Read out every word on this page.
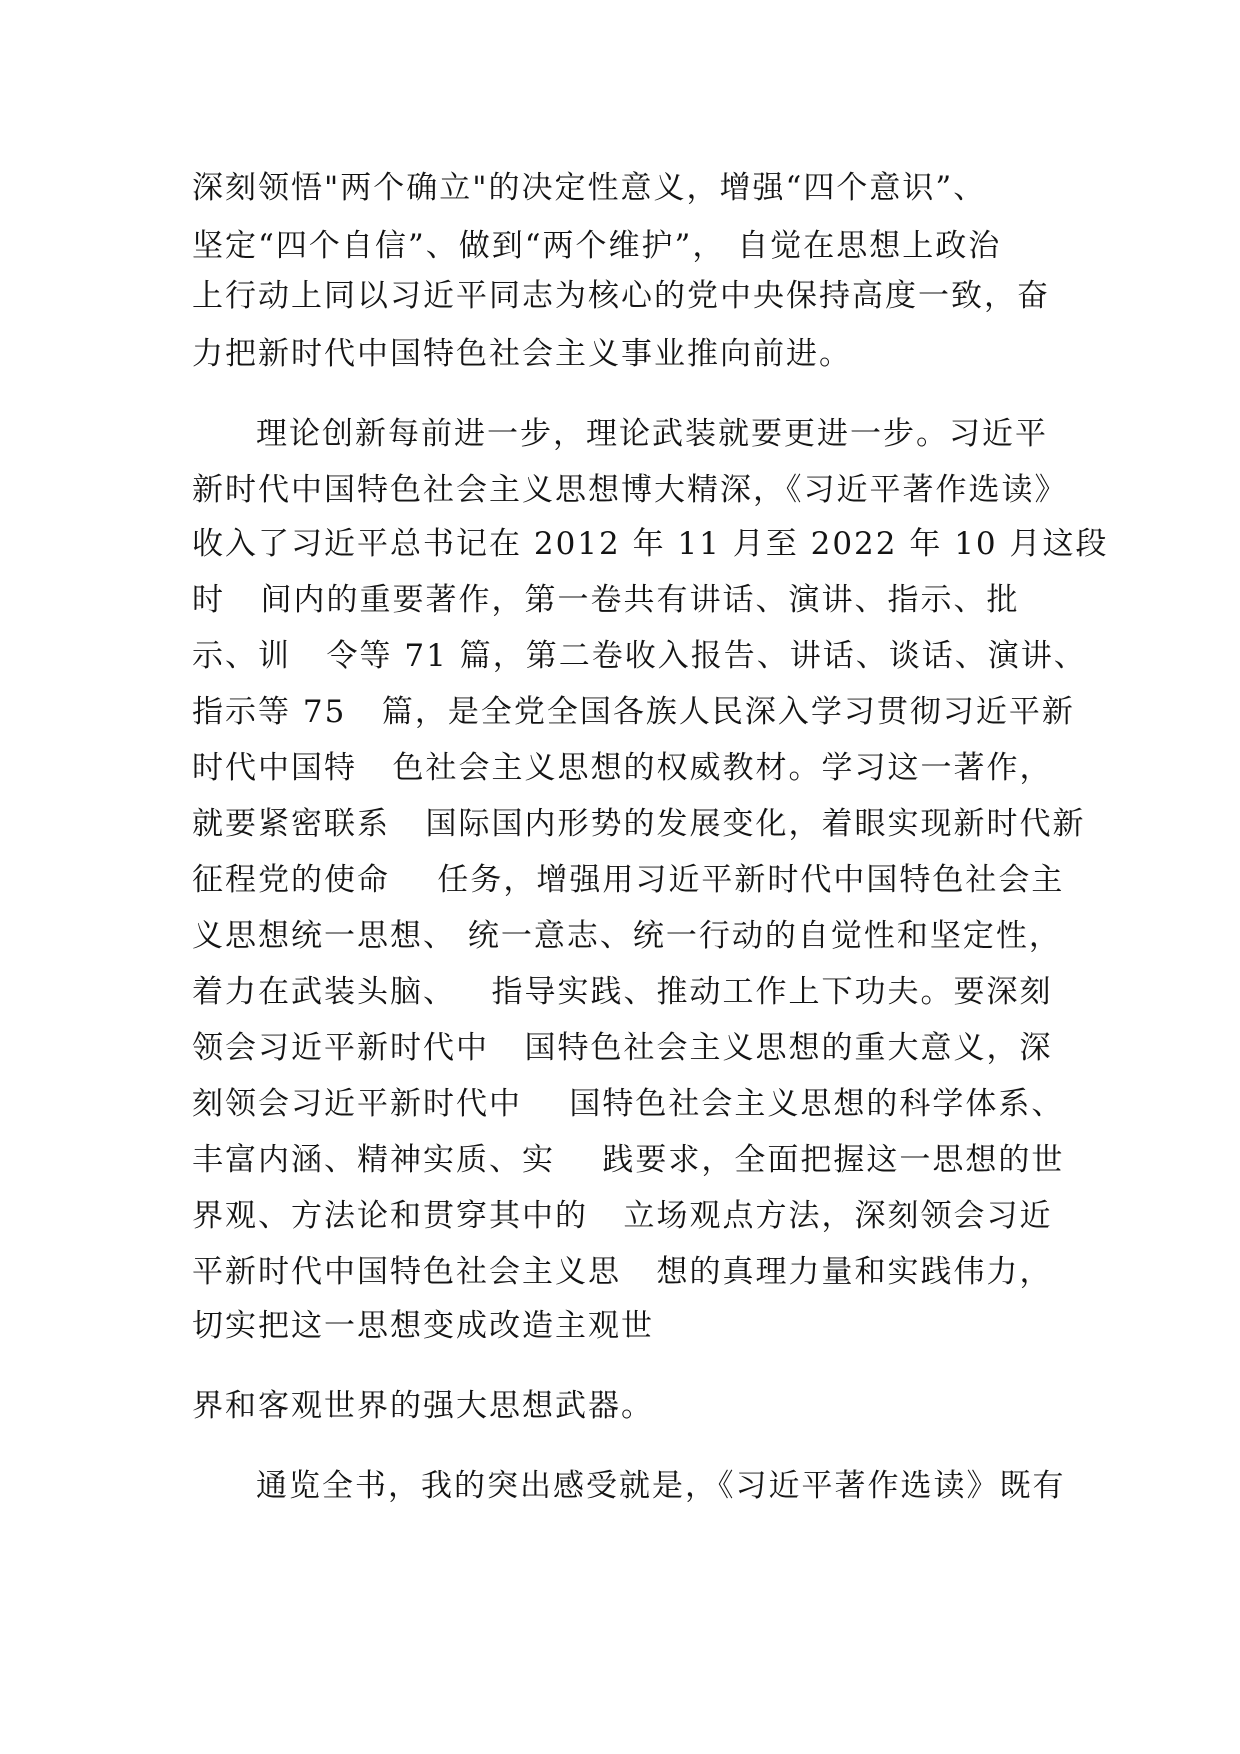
深刻领悟"两个确立"的决定性意义，增强“四个意识”、
坚定“四个自信”、做到“两个维护”， 自觉在思想上政治
上行动上同以习近平同志为核心的党中央保持高度一致，奋
力把新时代中国特色社会主义事业推向前进。
理论创新每前进一步，理论武装就要更进一步。习近平
新时代中国特色社会主义思想博大精深，《习近平著作选读》
收入了习近平总书记在 2012 年 11 月至 2022 年 10 月这段
时   间内的重要著作，第一卷共有讲话、演讲、指示、批
示、训   令等 71 篇，第二卷收入报告、讲话、谈话、演讲、
指示等 75   篇，是全党全国各族人民深入学习贯彻习近平新
时代中国特   色社会主义思想的权威教材。学习这一著作，
就要紧密联系   国际国内形势的发展变化，着眼实现新时代新
征程党的使命    任务，增强用习近平新时代中国特色社会主
义思想统一思想、 统一意志、统一行动的自觉性和坚定性，
着力在武装头脑、   指导实践、推动工作上下功夫。要深刻
领会习近平新时代中   国特色社会主义思想的重大意义，深
刻领会习近平新时代中    国特色社会主义思想的科学体系、
丰富内涵、精神实质、实    践要求，全面把握这一思想的世
界观、方法论和贯穿其中的   立场观点方法，深刻领会习近
平新时代中国特色社会主义思   想的真理力量和实践伟力，
切实把这一思想变成改造主观世
界和客观世界的强大思想武器。
通览全书，我的突出感受就是，《习近平著作选读》既有
